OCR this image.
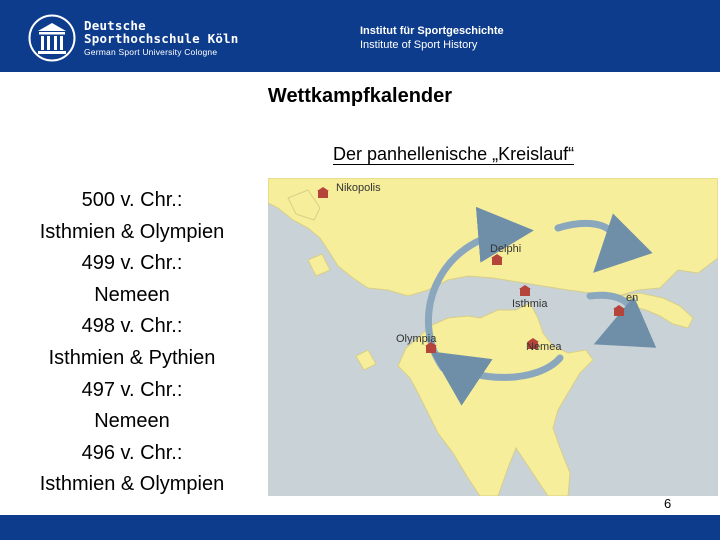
Deutsche
Sporthochschule Köln
German Sport University Cologne
Institut für Sportgeschichte
Institute of Sport History
Wettkampfkalender
Der panhellenische „Kreislauf“
500 v. Chr.:
Isthmien & Olympien
499 v. Chr.:
Nemeen
498 v. Chr.:
Isthmien & Pythien
497 v. Chr.:
Nemeen
496 v. Chr.:
Isthmien & Olympien
Nikopolis
Delphi
Isthmia
Olympia
Nemea
en
6
